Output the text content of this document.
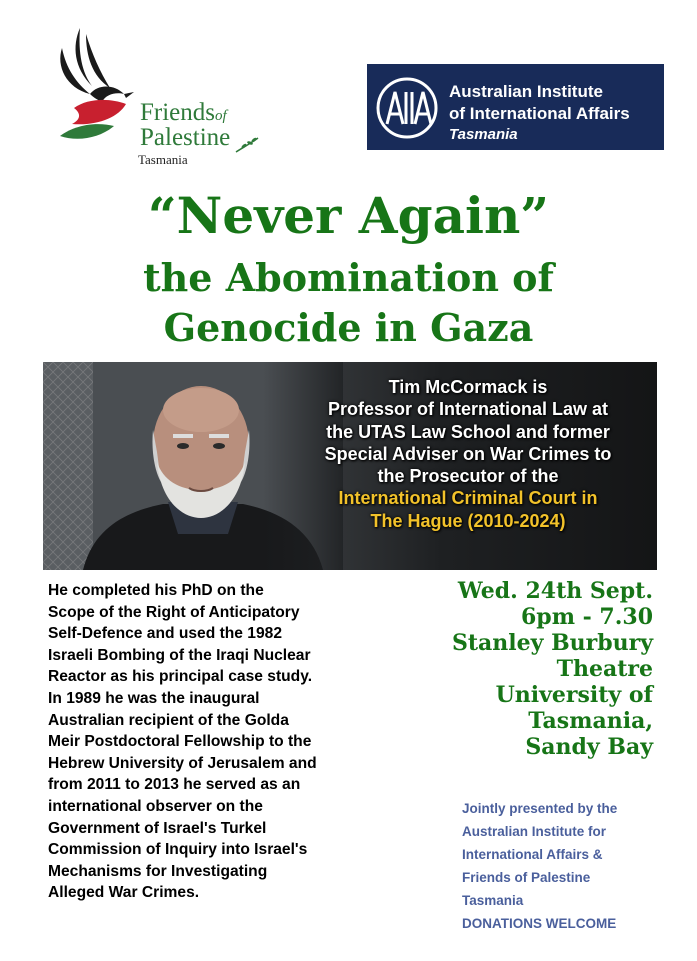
Friendsof
Palestine
Tasmania
Australian Institute
of International Affairs
Tasmania
“Never Again”
the Abomination of
Genocide in Gaza
Tim McCormack is
Professor of International Law at
the UTAS Law School and former
Special Adviser on War Crimes to
the Prosecutor of the
International Criminal Court in
The Hague (2010-2024)
He completed his PhD on the
Scope of the Right of Anticipatory
Self-Defence and used the 1982
Israeli Bombing of the Iraqi Nuclear
Reactor as his principal case study.
In 1989 he was the inaugural
Australian recipient of the Golda
Meir Postdoctoral Fellowship to the
Hebrew University of Jerusalem and
from 2011 to 2013 he served as an
international observer on the
Government of Israel's Turkel
Commission of Inquiry into Israel's
Mechanisms for Investigating
Alleged War Crimes.
Wed. 24th Sept.
6pm - 7.30
Stanley Burbury
Theatre
University of
Tasmania,
Sandy Bay
Jointly presented by the
Australian Institute for
International Affairs &
Friends of Palestine
Tasmania
DONATIONS WELCOME
